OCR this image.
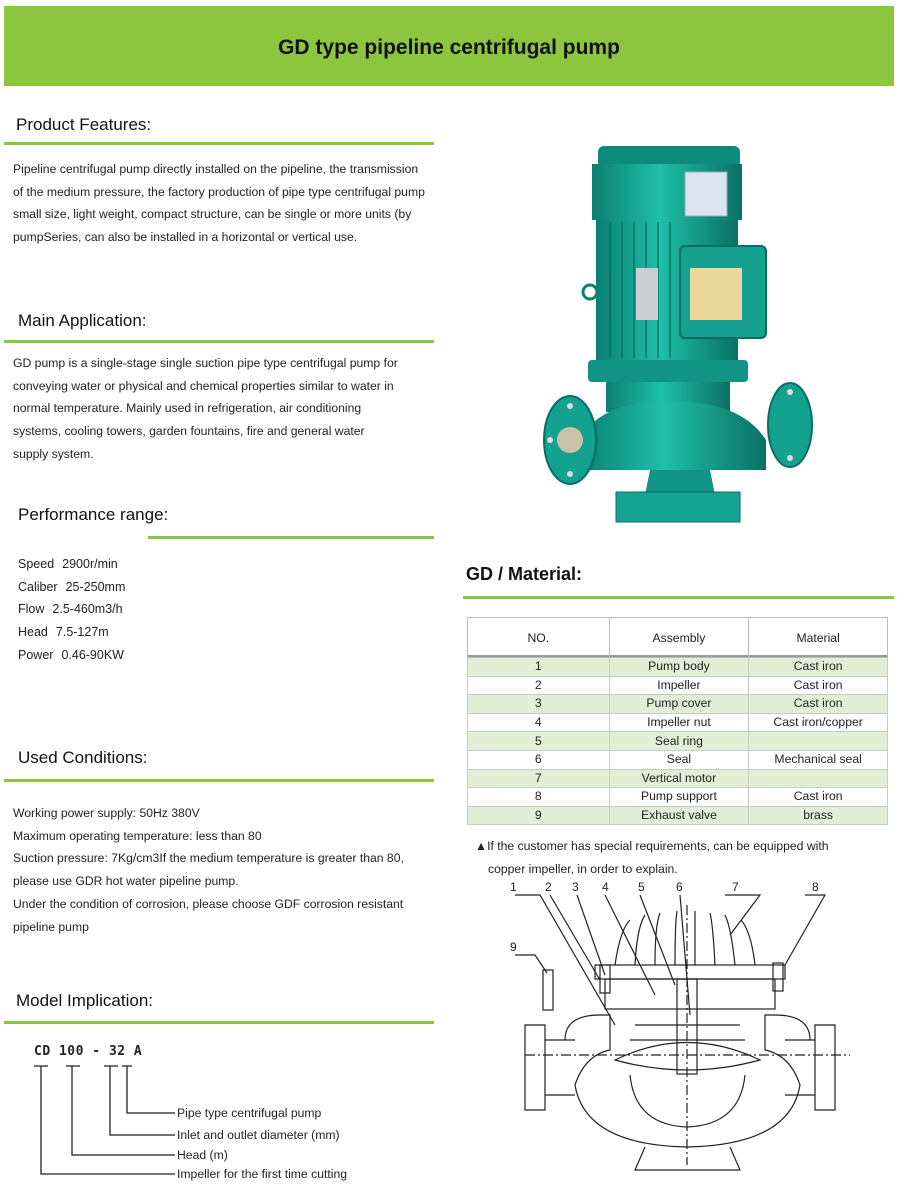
GD type pipeline centrifugal pump
Product Features:
Pipeline centrifugal pump directly installed on the pipeline, the transmission
of the medium pressure, the factory production of pipe type centrifugal pump
small size, light weight, compact structure, can be single or more units (by
pumpSeries, can also be installed in a horizontal or vertical use.
Main Application:
GD pump is a single-stage single suction pipe type centrifugal pump for
conveying water or physical and chemical properties similar to water in
normal temperature. Mainly used in refrigeration, air conditioning
systems, cooling towers, garden fountains, fire and general water
supply system.
Performance range:
Speed 2900r/min
Caliber 25-250mm
Flow 2.5-460m3/h
Head 7.5-127m
Power 0.46-90KW
Used Conditions:
Working power supply: 50Hz 380V
Maximum operating temperature: less than 80
Suction pressure: 7Kg/cm3If the medium temperature is greater than 80,
please use GDR hot water pipeline pump.
Under the condition of corrosion, please choose GDF corrosion resistant
pipeline pump
Model Implication:
CD 100 - 32 A
Pipe type centrifugal pump
Inlet and outlet diameter (mm)
Head (m)
Impeller for the first time cutting
GD / Material:
NO.	Assembly	Material
1	Pump body	Cast iron
2	Impeller	Cast iron
3	Pump cover	Cast iron
4	Impeller nut	Cast iron/copper
5	Seal ring	
6	Seal	Mechanical seal
7	Vertical motor	
8	Pump support	Cast iron
9	Exhaust valve	brass
▲If the customer has special requirements, can be equipped with
copper impeller, in order to explain.
1 2 3 4 5	6	7	8
9
